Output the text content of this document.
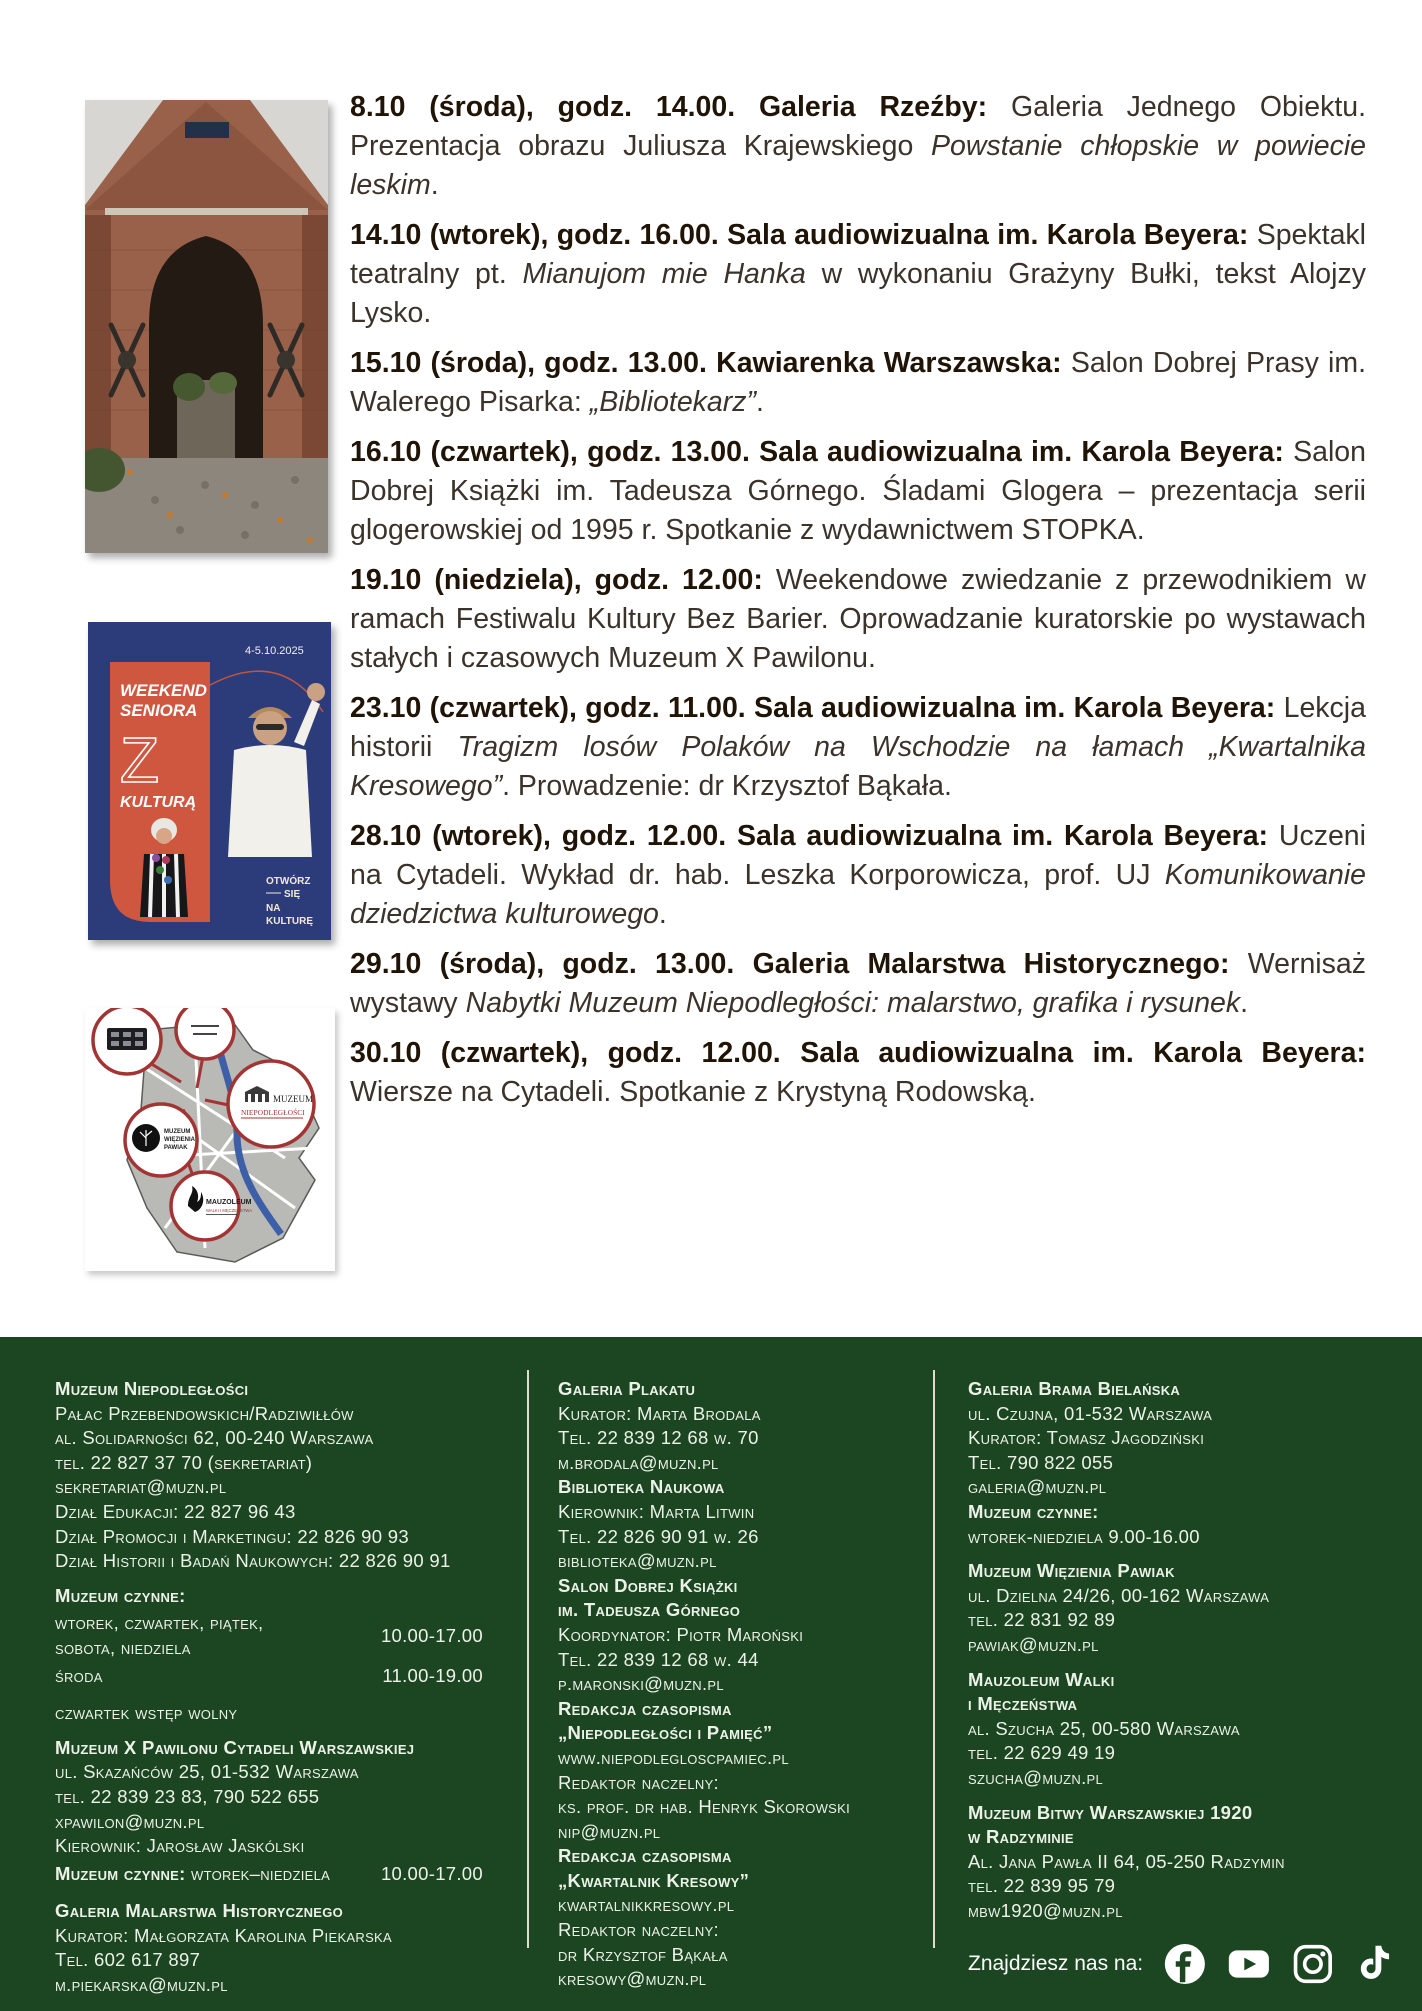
4-5.10.2025
WEEKEND
SENIORA
Z
KULTURĄ
OTWÓRZ
SIĘ
NA
KULTURĘ
MUZEUM
NIEPODLEGŁOŚCI
MUZEUM
WIĘZIENIA
PAWIAK
MAUZOLEUM
WALKI I MĘCZEŃSTWA

8.10 (środa), godz. 14.00. Galeria Rzeźby: Galeria Jednego Obiektu. Prezentacja obrazu Juliusza Krajewskiego Powstanie chłopskie w powiecie leskim.

14.10 (wtorek), godz. 16.00. Sala audiowizualna im. Karola Beyera: Spektakl teatralny pt. Mianujom mie Hanka w wykonaniu Grażyny Bułki, tekst Alojzy Lysko.

15.10 (środa), godz. 13.00. Kawiarenka Warszawska: Salon Dobrej Prasy im. Walerego Pisarka: „Bibliotekarz”.

16.10 (czwartek), godz. 13.00. Sala audiowizualna im. Karola Beyera: Salon Dobrej Książki im. Tadeusza Górnego. Śladami Glogera – prezentacja serii glogerowskiej od 1995 r. Spotkanie z wydawnictwem STOPKA.

19.10 (niedziela), godz. 12.00: Weekendowe zwiedzanie z przewodnikiem w ramach Festiwalu Kultury Bez Barier. Oprowadzanie kuratorskie po wystawach stałych i czasowych Muzeum X Pawilonu.

23.10 (czwartek), godz. 11.00. Sala audiowizualna im. Karola Beyera: Lekcja historii Tragizm losów Polaków na Wschodzie na łamach „Kwartalnika Kresowego”. Prowadzenie: dr Krzysztof Bąkała.

28.10 (wtorek), godz. 12.00. Sala audiowizualna im. Karola Beyera: Uczeni na Cytadeli. Wykład dr. hab. Leszka Korporowicza, prof. UJ Komunikowanie dziedzictwa kulturowego.

29.10 (środa), godz. 13.00. Galeria Malarstwa Historycznego: Wernisaż wystawy Nabytki Muzeum Niepodległości: malarstwo, grafika i rysunek.

30.10 (czwartek), godz. 12.00. Sala audiowizualna im. Karola Beyera: Wiersze na Cytadeli. Spotkanie z Krystyną Rodowską.

Muzeum Niepodległości
Pałac Przebendowskich/Radziwiłłów
al. Solidarności 62, 00-240 Warszawa
tel. 22 827 37 70 (sekretariat)
sekretariat@muzn.pl
Dział Edukacji: 22 827 96 43
Dział Promocji i Marketingu: 22 826 90 93
Dział Historii i Badań Naukowych: 22 826 90 91
Muzeum czynne:
wtorek, czwartek, piątek,
sobota, niedziela
10.00-17.00
środa	11.00-19.00
czwartek wstęp wolny
Muzeum X Pawilonu Cytadeli Warszawskiej
ul. Skazańców 25, 01-532 Warszawa
tel. 22 839 23 83, 790 522 655
xpawilon@muzn.pl
Kierownik: Jarosław Jaskólski
Muzeum czynne: wtorek–niedziela	10.00-17.00
Galeria Malarstwa Historycznego
Kurator: Małgorzata Karolina Piekarska
Tel. 602 617 897
m.piekarska@muzn.pl
Galeria Plakatu
Kurator: Marta Brodala
Tel. 22 839 12 68 w. 70
m.brodala@muzn.pl
Biblioteka Naukowa
Kierownik: Marta Litwin
Tel. 22 826 90 91 w. 26
biblioteka@muzn.pl
Salon Dobrej Książki
im. Tadeusza Górnego
Koordynator: Piotr Maroński
Tel. 22 839 12 68 w. 44
p.maronski@muzn.pl
Redakcja czasopisma
„Niepodległości i Pamięć”
www.niepodlegloscpamiec.pl
Redaktor naczelny:
ks. prof. dr hab. Henryk Skorowski
nip@muzn.pl
Redakcja czasopisma
„Kwartalnik Kresowy”
kwartalnikkresowy.pl
Redaktor naczelny:
dr Krzysztof Bąkała
kresowy@muzn.pl
Galeria Brama Bielańska
ul. Czujna, 01-532 Warszawa
Kurator: Tomasz Jagodziński
Tel. 790 822 055
galeria@muzn.pl
Muzeum czynne:
wtorek-niedziela 9.00-16.00
Muzeum Więzienia Pawiak
ul. Dzielna 24/26, 00-162 Warszawa
tel. 22 831 92 89
pawiak@muzn.pl
Mauzoleum Walki
i Męczeństwa
al. Szucha 25, 00-580 Warszawa
tel. 22 629 49 19
szucha@muzn.pl
Muzeum Bitwy Warszawskiej 1920
w Radzyminie
Al. Jana Pawła II 64, 05-250 Radzymin
tel. 22 839 95 79
mbw1920@muzn.pl
Znajdziesz nas na:
